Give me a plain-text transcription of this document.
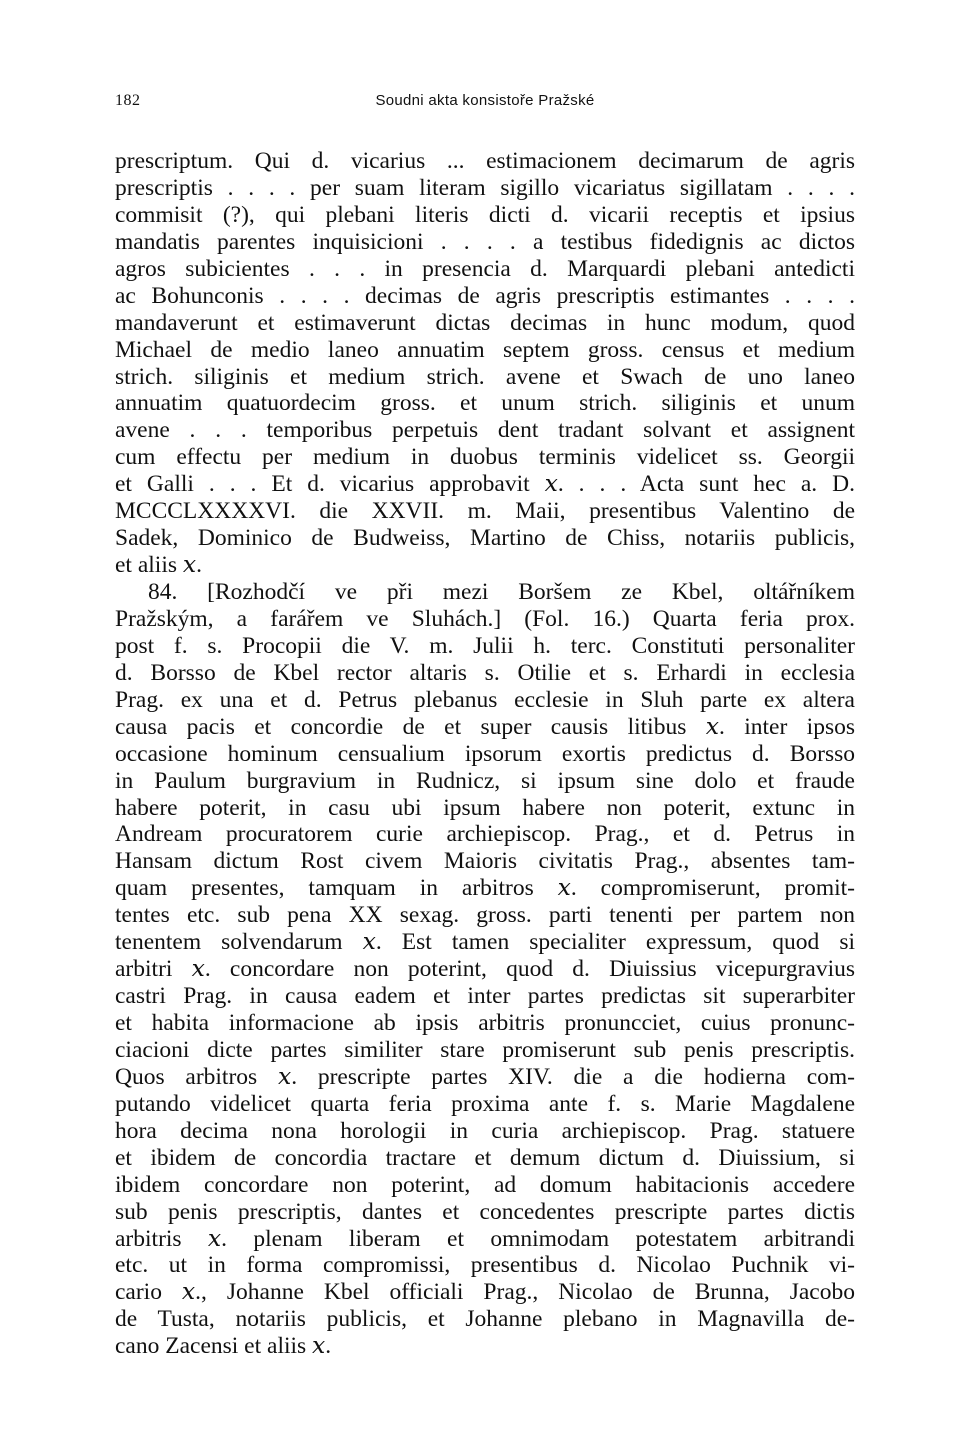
182	Soudni akta konsistoře Pražské
prescriptum. Qui d. vicarius ... estimacionem decimarum de agris
prescriptis . . . . per suam literam sigillo vicariatus sigillatam . . . .
commisit (?), qui plebani literis dicti d. vicarii receptis et ipsius
mandatis parentes inquisicioni . . . . a testibus fidedignis ac dictos
agros subicientes . . . in presencia d. Marquardi plebani antedicti
ac Bohunconis . . . . decimas de agris prescriptis estimantes . . . .
mandaverunt et estimaverunt dictas decimas in hunc modum, quod
Michael de medio laneo annuatim septem gross. census et medium
strich. siliginis et medium strich. avene et Swach de uno laneo
annuatim quatuordecim gross. et unum strich. siliginis et unum
avene . . . temporibus perpetuis dent tradant solvant et assignent
cum effectu per medium in duobus terminis videlicet ss. Georgii
et Galli . . . Et d. vicarius approbavit 𝑥. . . . Acta sunt hec a. D.
MCCCLXXXXVI. die XXVII. m. Maii, presentibus Valentino de
Sadek, Dominico de Budweiss, Martino de Chiss, notariis publicis,
et aliis 𝑥.
84. [Rozhodčí ve při mezi Boršem ze Kbel, oltářníkem
Pražským, a farářem ve Sluhách.] (Fol. 16.) Quarta feria prox.
post f. s. Procopii die V. m. Julii h. terc. Constituti personaliter
d. Borsso de Kbel rector altaris s. Otilie et s. Erhardi in ecclesia
Prag. ex una et d. Petrus plebanus ecclesie in Sluh parte ex altera
causa pacis et concordie de et super causis litibus 𝑥. inter ipsos
occasione hominum censualium ipsorum exortis predictus d. Borsso
in Paulum burgravium in Rudnicz, si ipsum sine dolo et fraude
habere poterit, in casu ubi ipsum habere non poterit, extunc in
Andream procuratorem curie archiepiscop. Prag., et d. Petrus in
Hansam dictum Rost civem Maioris civitatis Prag., absentes tam-
quam presentes, tamquam in arbitros 𝑥. compromiserunt, promit-
tentes etc. sub pena XX sexag. gross. parti tenenti per partem non
tenentem solvendarum 𝑥. Est tamen specialiter expressum, quod si
arbitri 𝑥. concordare non poterint, quod d. Diuissius vicepurgravius
castri Prag. in causa eadem et inter partes predictas sit superarbiter
et habita informacione ab ipsis arbitris pronuncciet, cuius pronunc-
ciacioni dicte partes similiter stare promiserunt sub penis prescriptis.
Quos arbitros 𝑥. prescripte partes XIV. die a die hodierna com-
putando videlicet quarta feria proxima ante f. s. Marie Magdalene
hora decima nona horologii in curia archiepiscop. Prag. statuere
et ibidem de concordia tractare et demum dictum d. Diuissium, si
ibidem concordare non poterint, ad domum habitacionis accedere
sub penis prescriptis, dantes et concedentes prescripte partes dictis
arbitris 𝑥. plenam liberam et omnimodam potestatem arbitrandi
etc. ut in forma compromissi, presentibus d. Nicolao Puchnik vi-
cario 𝑥., Johanne Kbel officiali Prag., Nicolao de Brunna, Jacobo
de Tusta, notariis publicis, et Johanne plebano in Magnavilla de-
cano Zacensi et aliis 𝑥.
